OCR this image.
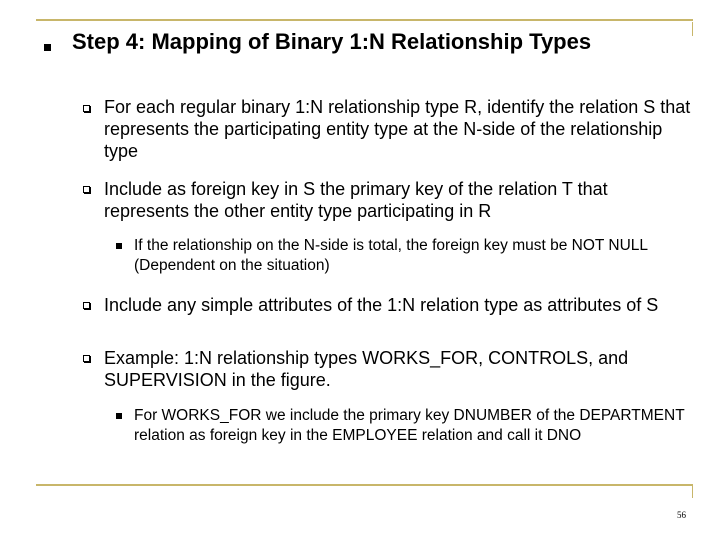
Step 4: Mapping of Binary 1:N Relationship Types

For each regular binary 1:N relationship type R, identify the relation S that represents the participating entity type at the N-side of the relationship type

Include as foreign key in S the primary key of the relation T that represents the other entity type participating in R

If the relationship on the N-side is total, the foreign key must be NOT NULL (Dependent on the situation)

Include any simple attributes of the 1:N relation type as attributes of S

Example: 1:N relationship types WORKS_FOR, CONTROLS, and SUPERVISION in the figure.

For WORKS_FOR we include the primary key DNUMBER of the DEPARTMENT relation as foreign key in the EMPLOYEE relation and call it DNO

56
